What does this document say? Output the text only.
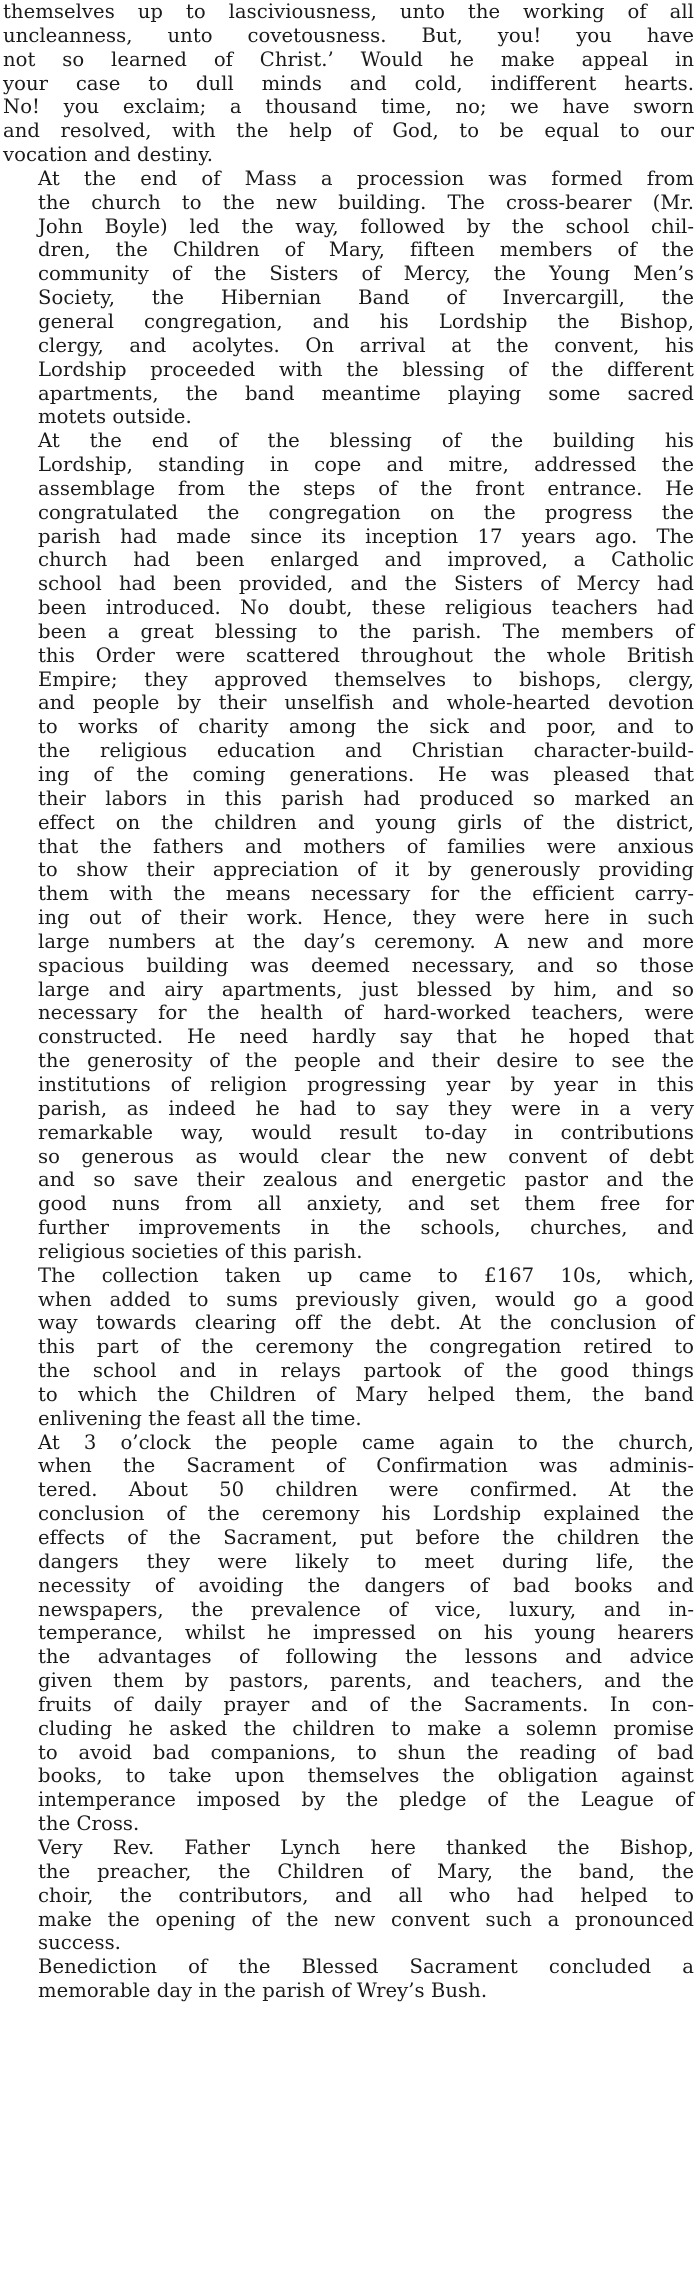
themselves up to lasciviousness, unto the working of all
uncleanness, unto covetousness. But, you! you have
not so learned of Christ.’ Would he make appeal in
your case to dull minds and cold, indifferent hearts.
No! you exclaim; a thousand time, no; we have sworn
and resolved, with the help of God, to be equal to our
vocation and destiny.
At the end of Mass a procession was formed from
the church to the new building. The cross-bearer (Mr.
John Boyle) led the way, followed by the school chil-
dren, the Children of Mary, fifteen members of the
community of the Sisters of Mercy, the Young Men’s
Society, the Hibernian Band of Invercargill, the
general congregation, and his Lordship the Bishop,
clergy, and acolytes. On arrival at the convent, his
Lordship proceeded with the blessing of the different
apartments, the band meantime playing some sacred
motets outside.
At the end of the blessing of the building his
Lordship, standing in cope and mitre, addressed the
assemblage from the steps of the front entrance. He
congratulated the congregation on the progress the
parish had made since its inception 17 years ago. The
church had been enlarged and improved, a Catholic
school had been provided, and the Sisters of Mercy had
been introduced. No doubt, these religious teachers had
been a great blessing to the parish. The members of
this Order were scattered throughout the whole British
Empire; they approved themselves to bishops, clergy,
and people by their unselfish and whole-hearted devotion
to works of charity among the sick and poor, and to
the religious education and Christian character-build-
ing of the coming generations. He was pleased that
their labors in this parish had produced so marked an
effect on the children and young girls of the district,
that the fathers and mothers of families were anxious
to show their appreciation of it by generously providing
them with the means necessary for the efficient carry-
ing out of their work. Hence, they were here in such
large numbers at the day’s ceremony. A new and more
spacious building was deemed necessary, and so those
large and airy apartments, just blessed by him, and so
necessary for the health of hard-worked teachers, were
constructed. He need hardly say that he hoped that
the generosity of the people and their desire to see the
institutions of religion progressing year by year in this
parish, as indeed he had to say they were in a very
remarkable way, would result to-day in contributions
so generous as would clear the new convent of debt
and so save their zealous and energetic pastor and the
good nuns from all anxiety, and set them free for
further improvements in the schools, churches, and
religious societies of this parish.
The collection taken up came to £167 10s, which,
when added to sums previously given, would go a good
way towards clearing off the debt. At the conclusion of
this part of the ceremony the congregation retired to
the school and in relays partook of the good things
to which the Children of Mary helped them, the band
enlivening the feast all the time.
At 3 o’clock the people came again to the church,
when the Sacrament of Confirmation was adminis-
tered. About 50 children were confirmed. At the
conclusion of the ceremony his Lordship explained the
effects of the Sacrament, put before the children the
dangers they were likely to meet during life, the
necessity of avoiding the dangers of bad books and
newspapers, the prevalence of vice, luxury, and in-
temperance, whilst he impressed on his young hearers
the advantages of following the lessons and advice
given them by pastors, parents, and teachers, and the
fruits of daily prayer and of the Sacraments. In con-
cluding he asked the children to make a solemn promise
to avoid bad companions, to shun the reading of bad
books, to take upon themselves the obligation against
intemperance imposed by the pledge of the League of
the Cross.
Very Rev. Father Lynch here thanked the Bishop,
the preacher, the Children of Mary, the band, the
choir, the contributors, and all who had helped to
make the opening of the new convent such a pronounced
success.
Benediction of the Blessed Sacrament concluded a
memorable day in the parish of Wrey’s Bush.
